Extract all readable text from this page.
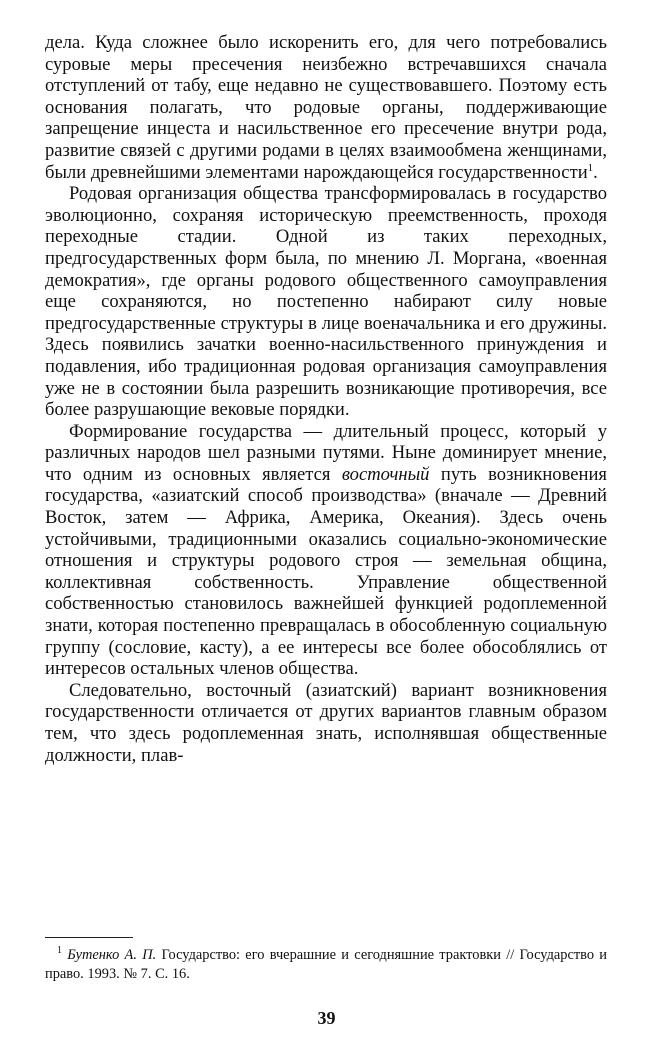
дела. Куда сложнее было искоренить его, для чего потребовались суровые меры пресечения неизбежно встречавшихся сначала отступлений от табу, еще недавно не существовавшего. Поэтому есть основания полагать, что родовые органы, поддерживающие запрещение инцеста и насильственное его пресечение внутри рода, развитие связей с другими родами в целях взаимообмена женщинами, были древнейшими элементами нарождающейся государственности$^1$.

Родовая организация общества трансформировалась в государство эволюционно, сохраняя историческую преемственность, проходя переходные стадии. Одной из таких переходных, предгосударственных форм была, по мнению Л. Моргана, «военная демократия», где органы родового общественного самоуправления еще сохраняются, но постепенно набирают силу новые предгосударственные структуры в лице военачальника и его дружины. Здесь появились зачатки военно-насильственного принуждения и подавления, ибо традиционная родовая организация самоуправления уже не в состоянии была разрешить возникающие противоречия, все более разрушающие вековые порядки.

Формирование государства — длительный процесс, который у различных народов шел разными путями. Ныне доминирует мнение, что одним из основных является восточный путь возникновения государства, «азиатский способ производства» (вначале — Древний Восток, затем — Африка, Америка, Океания). Здесь очень устойчивыми, традиционными оказались социально-экономические отношения и структуры родового строя — земельная община, коллективная собственность. Управление общественной собственностью становилось важнейшей функцией родоплеменной знати, которая постепенно превращалась в обособленную социальную группу (сословие, касту), а ее интересы все более обособлялись от интересов остальных членов общества.

Следовательно, восточный (азиатский) вариант возникновения государственности отличается от других вариантов главным образом тем, что здесь родоплеменная знать, исполнявшая общественные должности, плав-

$^1$ Бутенко А. П. Государство: его вчерашние и сегодняшние трактовки // Государство и право. 1993. № 7. С. 16.
39
